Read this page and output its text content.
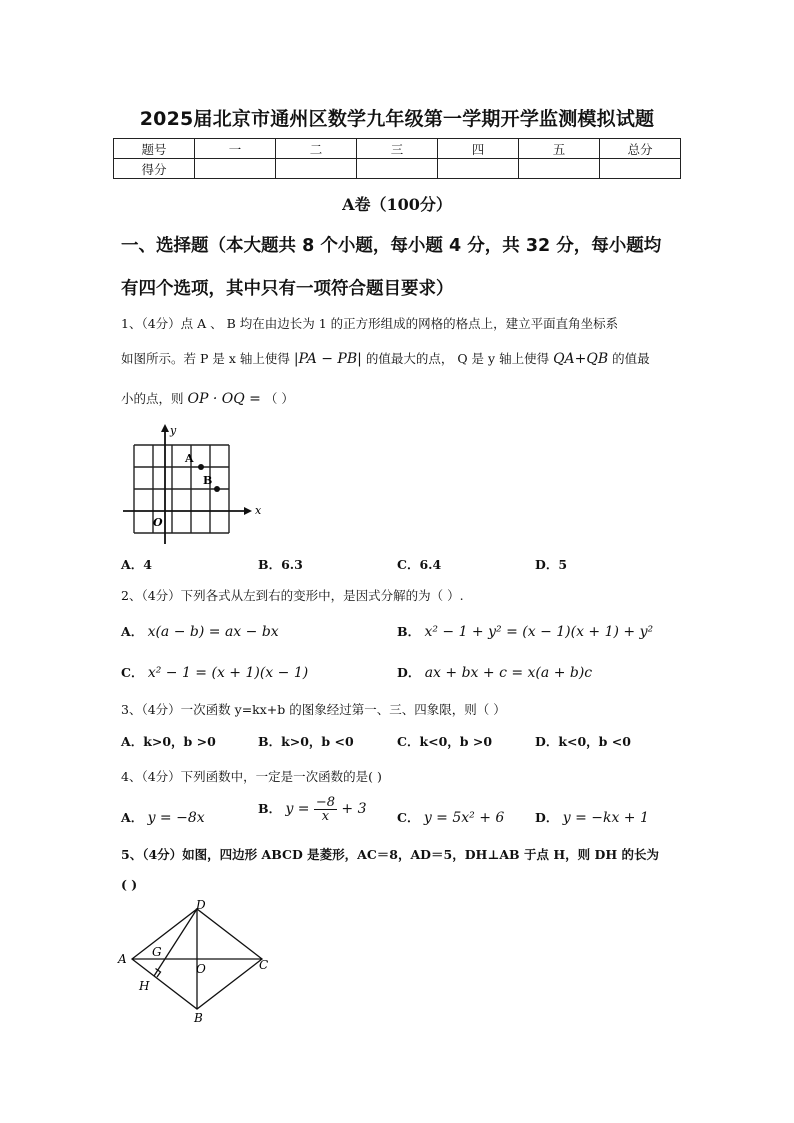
2025届北京市通州区数学九年级第一学期开学监测模拟试题
题号	一	二	三	四	五	总分
得分						
A卷（100分）
一、选择题（本大题共 8 个小题，每小题 4 分，共 32 分，每小题均
有四个选项，其中只有一项符合题目要求）
1、（4分）点 A 、 B 均在由边长为 1 的正方形组成的网格的格点上，建立平面直角坐标系
如图所示。若 P 是 x 轴上使得 |PA − PB| 的值最大的点， Q 是 y 轴上使得 QA+QB 的值最
小的点，则 OP · OQ = （ ）
y
x
A
B
O
A．4	B．6.3	C．6.4	D．5
2、（4分）下列各式从左到右的变形中，是因式分解的为（ ）.
A． x(a − b) = ax − bx	B． x² − 1 + y² = (x − 1)(x + 1) + y²
C． x² − 1 = (x + 1)(x − 1)	D． ax + bx + c = x(a + b)c
3、（4分）一次函数 y=kx+b 的图象经过第一、三、四象限，则（ ）
A．k>0，b >0	B．k>0，b <0	C．k<0，b >0	D．k<0，b <0
4、（4分）下列函数中，一定是一次函数的是( )
A． y = −8x
B． $y = \frac{-8}{x} + 3$
C． y = 5x² + 6 D． y = −kx + 1
5、（4分）如图，四边形 ABCD 是菱形，AC＝8，AD＝5，DH⊥AB 于点 H，则 DH 的长为
( )
D
A G
O	C
H
B
